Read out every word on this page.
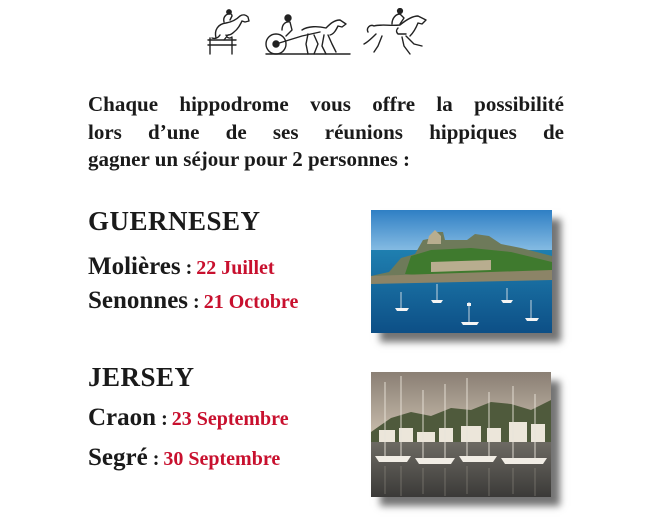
Chaque hippodrome vous offre la possibilité
lors d’une de ses réunions hippiques de
gagner un séjour pour 2 personnes :
GUERNESEY
Molières : 22 Juillet
Senonnes : 21 Octobre
JERSEY
Craon : 23 Septembre
Segré : 30 Septembre
